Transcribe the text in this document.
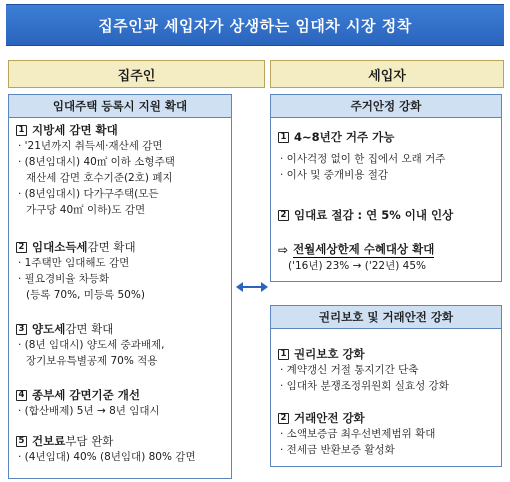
집주인과 세입자가 상생하는 임대차 시장 정착
집주인	세입자
임대주택 등록시 지원 확대
1 지방세 감면 확대
· '21년까지 취득세·재산세 감면
· (8년임대시) 40㎡ 이하 소형주택
재산세 감면 호수기준(2호) 폐지
· (8년임대시) 다가구주택(모든
가구당 40㎡ 이하)도 감면
2 임대소득세 감면 확대
· 1주택만 임대해도 감면
· 필요경비율 차등화
(등록 70%, 미등록 50%)
3 양도세 감면 확대
· (8년 임대시) 양도세 중과배제,
장기보유특별공제 70% 적용
4 종부세 감면기준 개선
· (합산배제) 5년 → 8년 임대시
5 건보료 부담 완화
· (4년임대) 40% (8년임대) 80% 감면
주거안정 강화
1 4~8년간 거주 가능
· 이사걱정 없이 한 집에서 오래 거주
· 이사 및 중개비용 절감
2 임대료 절감 : 연 5% 이내 인상
⇨ 전월세상한제 수혜대상 확대
('16년) 23% → ('22년) 45%
권리보호 및 거래안전 강화
1 권리보호 강화
· 계약갱신 거절 통지기간 단축
· 임대차 분쟁조정위원회 실효성 강화
2 거래안전 강화
· 소액보증금 최우선변제범위 확대
· 전세금 반환보증 활성화
